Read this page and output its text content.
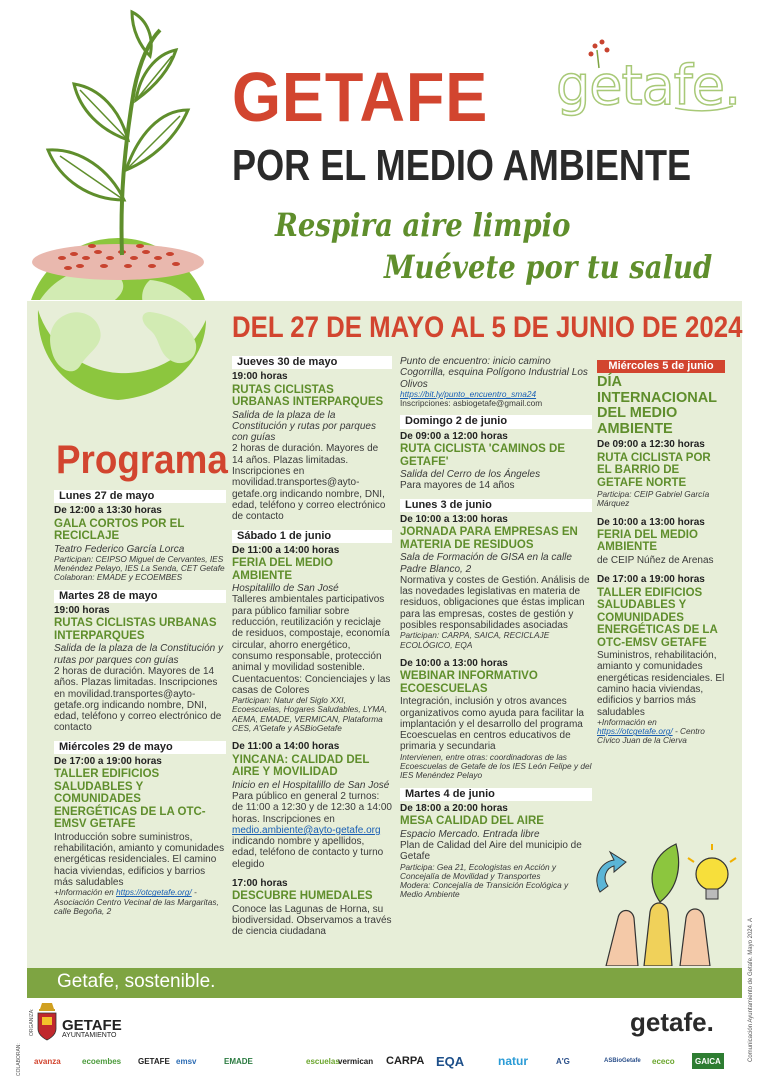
getafe.
GETAFE
POR EL MEDIO AMBIENTE
Respira aire limpio
Muévete por tu salud
DEL 27 DE MAYO AL 5 DE JUNIO DE 2024
Programa
Lunes 27 de mayo
De 12:00 a 13:30 horas
GALA CORTOS POR EL RECICLAJE
Teatro Federico García Lorca
Participan: CEIPSO Miguel de Cervantes, IES Menéndez Pelayo, IES La Senda, CET Getafe
Colaboran: EMADE y ECOEMBES
Martes 28 de mayo
19:00 horas
RUTAS CICLISTAS URBANAS INTERPARQUES
Salida de la plaza de la Constitución y rutas por parques con guías
2 horas de duración. Mayores de 14 años. Plazas limitadas. Inscripciones en movilidad.transportes@ayto-getafe.org indicando nombre, DNI, edad, teléfono y correo electrónico de contacto
Miércoles 29 de mayo
De 17:00 a 19:00 horas
TALLER EDIFICIOS SALUDABLES Y COMUNIDADES ENERGÉTICAS DE LA OTC-EMSV GETAFE
Introducción sobre suministros, rehabilitación, amianto y comunidades energéticas residenciales. El camino hacia viviendas, edificios y barrios más saludables
+Información en https://otcgetafe.org/ - Asociación Centro Vecinal de las Margaritas, calle Begoña, 2
Jueves 30 de mayo
19:00 horas
RUTAS CICLISTAS URBANAS INTERPARQUES
Salida de la plaza de la Constitución y rutas por parques con guías
2 horas de duración. Mayores de 14 años. Plazas limitadas. Inscripciones en movilidad.transportes@ayto-getafe.org indicando nombre, DNI, edad, teléfono y correo electrónico de contacto
Sábado 1 de junio
De 11:00 a 14:00 horas
FERIA DEL MEDIO AMBIENTE
Hospitalillo de San José
Talleres ambientales participativos para público familiar sobre reducción, reutilización y reciclaje de residuos, compostaje, economía circular, ahorro energético, consumo responsable, protección animal y movilidad sostenible. Cuentacuentos: Concienciajes y las casas de Colores
Participan: Natur del Siglo XXI, Ecoescuelas, Hogares Saludables, LYMA, AEMA, EMADE, VERMICAN, Plataforma CES, A'Getafe y ASBioGetafe
De 11:00 a 14:00 horas
YINCANA: CALIDAD DEL AIRE Y MOVILIDAD
Inicio en el Hospitalillo de San José
Para público en general 2 turnos: de 11:00 a 12:30 y de 12:30 a 14:00 horas. Inscripciones en medio.ambiente@ayto-getafe.org indicando nombre y apellidos, edad, teléfono de contacto y turno elegido
17:00 horas
DESCUBRE HUMEDALES
Conoce las Lagunas de Horna, su biodiversidad. Observamos a través de ciencia ciudadana
Punto de encuentro: inicio camino Cogorrilla, esquina Polígono Industrial Los Olivos
https://bit.ly/punto_encuentro_sma24
Inscripciones: asbiogetafe@gmail.com
Domingo 2 de junio
De 09:00 a 12:00 horas
RUTA CICLISTA 'CAMINOS DE GETAFE'
Salida del Cerro de los Ángeles
Para mayores de 14 años
Lunes 3 de junio
De 10:00 a 13:00 horas
JORNADA PARA EMPRESAS EN MATERIA DE RESIDUOS
Sala de Formación de GISA en la calle Padre Blanco, 2
Normativa y costes de Gestión. Análisis de las novedades legislativas en materia de residuos, obligaciones que éstas implican para las empresas, costes de gestión y posibles responsabilidades asociadas
Participan: CARPA, SAICA, RECICLAJE ECOLÓGICO, EQA
De 10:00 a 13:00 horas
WEBINAR INFORMATIVO ECOESCUELAS
Integración, inclusión y otros avances organizativos como ayuda para facilitar la implantación y el desarrollo del programa Ecoescuelas en centros educativos de primaria y secundaria
Intervienen, entre otras: coordinadoras de las Ecoescuelas de Getafe de los IES León Felipe y del IES Menéndez Pelayo
Martes 4 de junio
De 18:00 a 20:00 horas
MESA CALIDAD DEL AIRE
Espacio Mercado. Entrada libre
Plan de Calidad del Aire del municipio de Getafe
Participa: Gea 21, Ecologistas en Acción y Concejalía de Movilidad y Transportes
Modera: Concejalía de Transición Ecológica y Medio Ambiente
Miércoles 5 de junio
DÍA INTERNACIONAL DEL MEDIO AMBIENTE
De 09:00 a 12:30 horas
RUTA CICLISTA POR EL BARRIO DE GETAFE NORTE
Participa: CEIP Gabriel García Márquez
De 10:00 a 13:00 horas
FERIA DEL MEDIO AMBIENTE
de CEIP Núñez de Arenas
De 17:00 a 19:00 horas
TALLER EDIFICIOS SALUDABLES Y COMUNIDADES ENERGÉTICAS DE LA OTC-EMSV GETAFE
Suministros, rehabilitación, amianto y comunidades energéticas residenciales. El camino hacia viviendas, edificios y barrios más saludables
+Información en
https://otcgetafe.org/ - Centro Cívico Juan de la Cierva
Getafe, sostenible.
ORGANIZA:
COLABORAN:
GETAFE
AYUNTAMIENTO	getafe.	Comunicación Ayuntamiento de Getafe. Mayo 2024. A
avanza	ecoembes GETAFE emsv	EMADE	escuelas
vermican CARPA EQA	natur	A'G	ASBioGetafe ececo	GAICA
